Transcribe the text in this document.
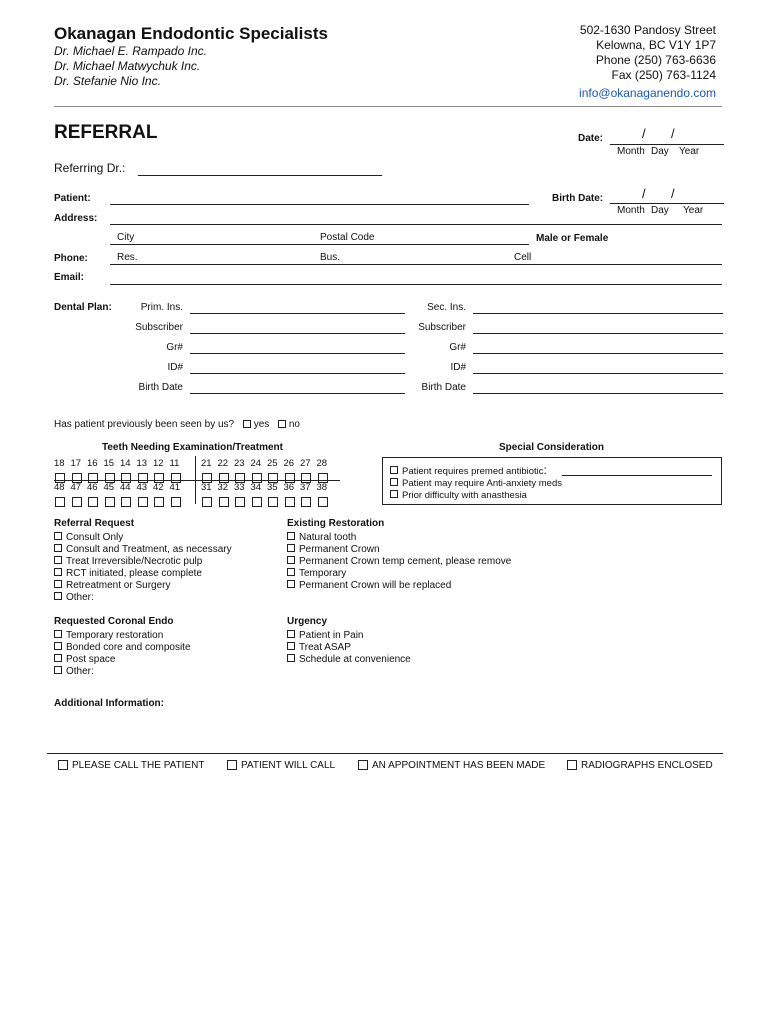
Okanagan Endodontic Specialists
Dr. Michael E. Rampado Inc.
Dr. Michael Matwychuk Inc.
Dr. Stefanie Nio Inc.
502-1630 Pandosy Street
Kelowna, BC V1Y 1P7
Phone (250) 763-6636
Fax (250) 763-1124
info@okanaganendo.com
REFERRAL	Date:	/ /
Month Day Year
Referring Dr.:
Patient:	Birth Date:	/ /
Month Day Year
Address:
City	Postal Code	Male or Female
Phone:	Res.	Bus.	Cell
Email:
Dental Plan:	Prim. Ins.
Subscriber
Gr#
ID#
Birth Date
Sec. Ins.
Subscriber
Gr#
ID#
Birth Date
Has patient previously been seen by us? yes no
Teeth Needing Examination/Treatment
18 17 16 15 14 13 12 11	21 22 23 24 25 26 27 28
48 47 46 45 44 43 42 41	31 32 33 34 35 36 37 38
Special Consideration
Patient requires premed antibiotic:
Patient may require Anti-anxiety meds
Prior difficulty with anasthesia
Referral Request
Consult Only
Consult and Treatment, as necessary
Treat Irreversible/Necrotic pulp
RCT initiated, please complete
Retreatment or Surgery
Other:
Existing Restoration
Natural tooth
Permanent Crown
Permanent Crown temp cement, please remove
Temporary
Permanent Crown will be replaced
Requested Coronal Endo
Temporary restoration
Bonded core and composite
Post space
Other:
Urgency
Patient in Pain
Treat ASAP
Schedule at convenience
Additional Information:
PLEASE CALL THE PATIENT	PATIENT WILL CALL	AN APPOINTMENT HAS BEEN MADE	RADIOGRAPHS ENCLOSED
